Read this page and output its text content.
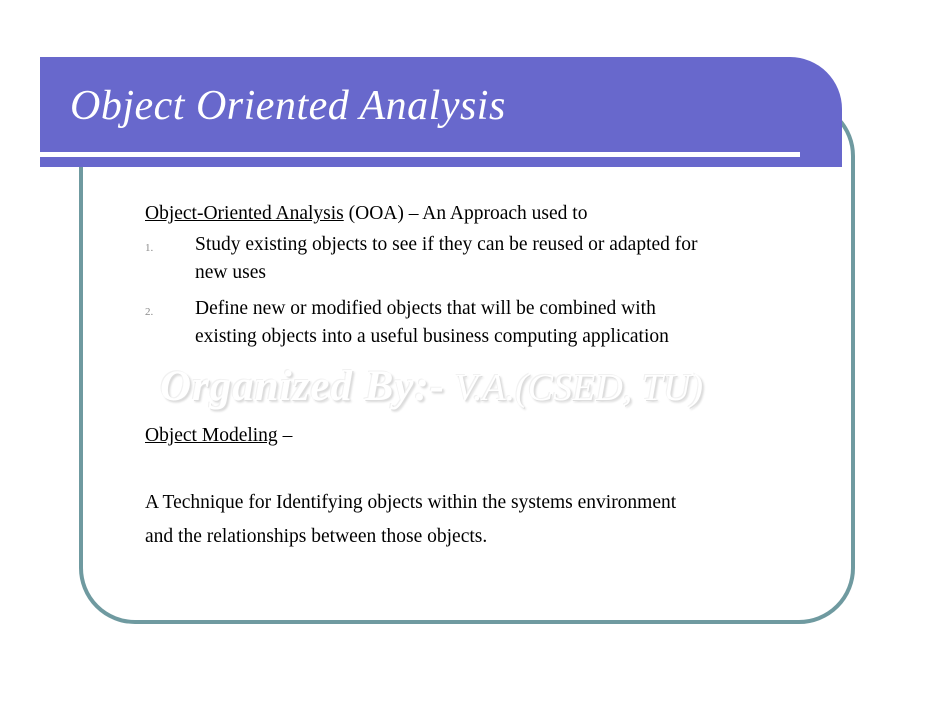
Object Oriented Analysis
Organized By:- V.A.(CSED, TU)
Object-Oriented Analysis (OOA) – An Approach used to
1. Study existing objects to see if they can be reused or adapted for
new uses
2. Define new or modified objects that will be combined with
existing objects into a useful business computing application
Object Modeling –
A Technique for Identifying objects within the systems environment
and the relationships between those objects.
